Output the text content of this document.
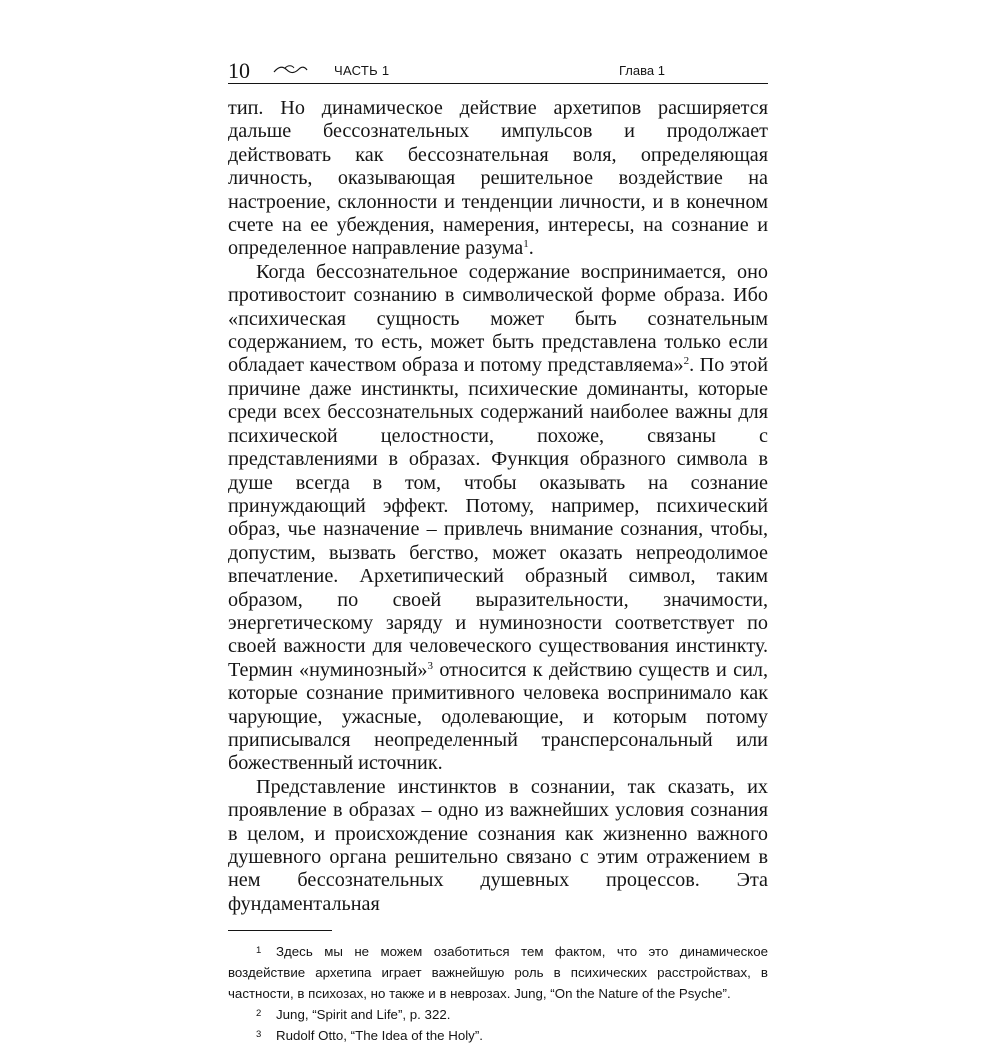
10	ЧАСТЬ 1	Глава 1

тип. Но динамическое действие архетипов расширяется дальше бессознательных импульсов и продолжает действовать как бессознательная воля, определяющая личность, оказывающая решительное воздействие на настроение, склонности и тенденции личности, и в конечном счете на ее убеждения, намерения, интересы, на сознание и определенное направление разума$^1$.

Когда бессознательное содержание воспринимается, оно противостоит сознанию в символической форме образа. Ибо «психическая сущность может быть сознательным содержанием, то есть, может быть представлена только если обладает качеством образа и потому представляема»$^2$. По этой причине даже инстинкты, психические доминанты, которые среди всех бессознательных содержаний наиболее важны для психической целостности, похоже, связаны с представлениями в образах. Функция образного символа в душе всегда в том, чтобы оказывать на сознание принуждающий эффект. Потому, например, психический образ, чье назначение – привлечь внимание сознания, чтобы, допустим, вызвать бегство, может оказать непреодолимое впечатление. Архетипический образный символ, таким образом, по своей выразительности, значимости, энергетическому заряду и нуминозности соответствует по своей важности для человеческого существования инстинкту. Термин «нуминозный»$^3$ относится к действию существ и сил, которые сознание примитивного человека воспринимало как чарующие, ужасные, одолевающие, и которым потому приписывался неопределенный трансперсональный или божественный источник.

Представление инстинктов в сознании, так сказать, их проявление в образах – одно из важнейших условия сознания в целом, и происхождение сознания как жизненно важного душевного органа решительно связано с этим отражением в нем бессознательных душевных процессов. Эта фундаментальная

1 Здесь мы не можем озаботиться тем фактом, что это динамическое воздействие архетипа играет важнейшую роль в психических расстройствах, в частности, в психозах, но также и в неврозах. Jung, “On the Nature of the Psyche”.

2 Jung, “Spirit and Life”, p. 322.

3 Rudolf Otto, “The Idea of the Holy”.
